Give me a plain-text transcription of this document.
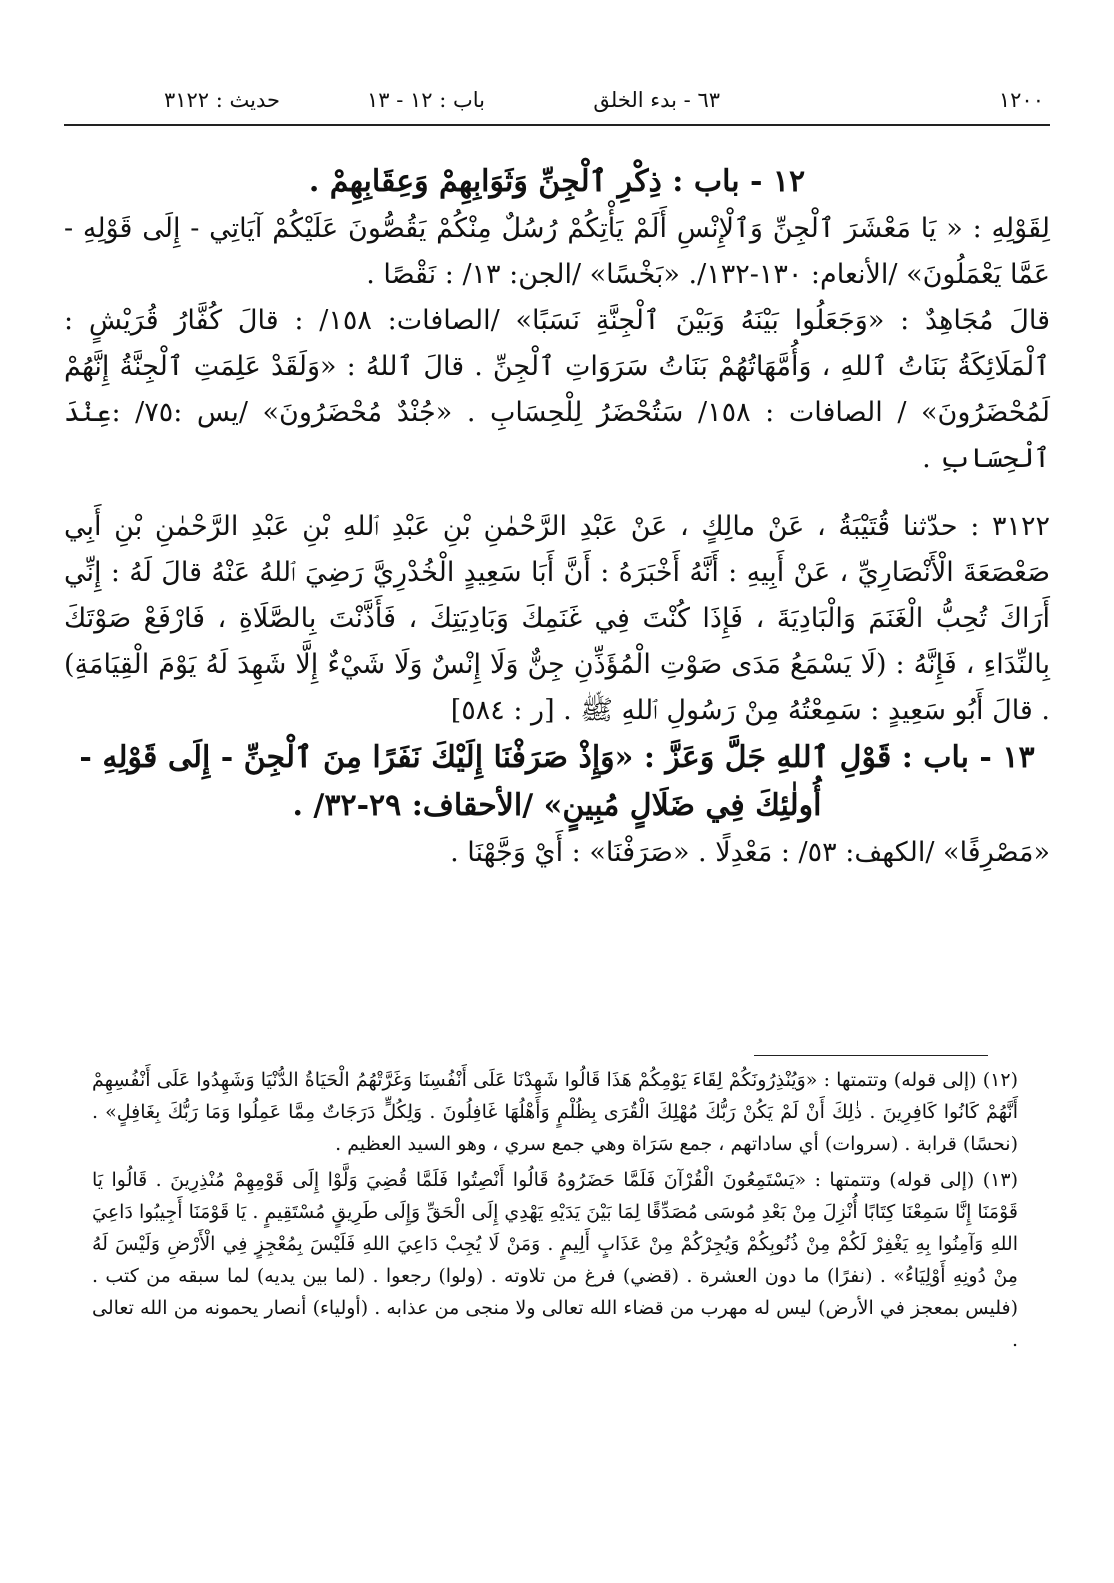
١٢٠٠
٦٣ - بدء الخلق
باب : ١٢ - ١٣
حديث : ٣١٢٢

١٢ - باب : ذِكْرِ ٱلْجِنِّ وَثَوَابِهِمْ وَعِقَابِهِمْ .

لِقَوْلِهِ : « يَا مَعْشَرَ ٱلْجِنِّ وَٱلْإِنْسِ أَلَمْ يَأْتِكُمْ رُسُلٌ مِنْكُمْ يَقُصُّونَ عَلَيْكُمْ آيَاتِي - إِلَى قَوْلِهِ - عَمَّا يَعْمَلُونَ» /الأنعام: ١٣٠-١٣٢/. «بَخْسًا» /الجن: ١٣/ : نَقْصًا .

قالَ مُجَاهِدٌ : «وَجَعَلُوا بَيْنَهُ وَبَيْنَ ٱلْجِنَّةِ نَسَبًا» /الصافات: ١٥٨/ : قالَ كُفَّارُ قُرَيْشٍ : ٱلْمَلَائِكَةُ بَنَاتُ ٱللهِ ، وَأُمَّهَاتُهُمْ بَنَاتُ سَرَوَاتِ ٱلْجِنِّ . قالَ ٱللهُ : «وَلَقَدْ عَلِمَتِ ٱلْجِنَّةُ إِنَّهُمْ لَمُحْضَرُونَ» / الصافات : ١٥٨/ سَتُحْضَرُ لِلْحِسَابِ . «جُنْدٌ مُحْضَرُونَ» /يس :٧٥/ :عِنْدَ ٱلْحِسَابِ .

٣١٢٢ : حدّثنا قُتَيْبَةُ ، عَنْ مالِكٍ ، عَنْ عَبْدِ الرَّحْمٰنِ بْنِ عَبْدِ ٱللهِ بْنِ عَبْدِ الرَّحْمٰنِ بْنِ أَبِي صَعْصَعَةَ الْأَنْصَارِيِّ ، عَنْ أَبِيهِ : أَنَّهُ أَخْبَرَهُ : أَنَّ أَبَا سَعِيدٍ الْخُدْرِيَّ رَضِيَ ٱللهُ عَنْهُ قالَ لَهُ : إِنِّي أَرَاكَ تُحِبُّ الْغَنَمَ وَالْبَادِيَةَ ، فَإِذَا كُنْتَ فِي غَنَمِكَ وَبَادِيَتِكَ ، فَأَذَّنْتَ بِالصَّلَاةِ ، فَارْفَعْ صَوْتَكَ بِالنِّدَاءِ ، فَإِنَّهُ : (لَا يَسْمَعُ مَدَى صَوْتِ الْمُؤَذِّنِ جِنٌّ وَلَا إِنْسٌ وَلَا شَيْءٌ إِلَّا شَهِدَ لَهُ يَوْمَ الْقِيَامَةِ) . قالَ أَبُو سَعِيدٍ : سَمِعْتُهُ مِنْ رَسُولِ ٱللهِ ﷺ . [ر : ٥٨٤]

١٣ - باب : قَوْلِ ٱللهِ جَلَّ وَعَزَّ : «وَإِذْ صَرَفْنَا إِلَيْكَ نَفَرًا مِنَ ٱلْجِنِّ - إِلَى قَوْلِهِ -

أُولٰئِكَ فِي ضَلَالٍ مُبِينٍ» /الأحقاف: ٢٩-٣٢/ .

«مَصْرِفًا» /الكهف: ٥٣/ : مَعْدِلًا . «صَرَفْنَا» : أَيْ وَجَّهْنَا .

(١٢) (إلى قوله) وتتمتها : «وَيُنْذِرُونَكُمْ لِقَاءَ يَوْمِكُمْ هَذَا قَالُوا شَهِدْنَا عَلَى أَنْفُسِنَا وَغَرَّتْهُمُ الْحَيَاةُ الدُّنْيَا وَشَهِدُوا عَلَى أَنْفُسِهِمْ أَنَّهُمْ كَانُوا كَافِرِينَ . ذٰلِكَ أَنْ لَمْ يَكُنْ رَبُّكَ مُهْلِكَ الْقُرَى بِظُلْمٍ وَأَهْلُهَا غَافِلُونَ . وَلِكُلٍّ دَرَجَاتٌ مِمَّا عَمِلُوا وَمَا رَبُّكَ بِغَافِلٍ» . (نحسًا) قرابة . (سروات) أي ساداتهم ، جمع سَرَاة وهي جمع سري ، وهو السيد العظيم .

(١٣) (إلى قوله) وتتمتها : «يَسْتَمِعُونَ الْقُرْآنَ فَلَمَّا حَضَرُوهُ قَالُوا أَنْصِتُوا فَلَمَّا قُضِيَ وَلَّوْا إِلَى قَوْمِهِمْ مُنْذِرِينَ . قَالُوا يَا قَوْمَنَا إِنَّا سَمِعْنَا كِتَابًا أُنْزِلَ مِنْ بَعْدِ مُوسَى مُصَدِّقًا لِمَا بَيْنَ يَدَيْهِ يَهْدِي إِلَى الْحَقِّ وَإِلَى طَرِيقٍ مُسْتَقِيمٍ . يَا قَوْمَنَا أَجِيبُوا دَاعِيَ اللهِ وَآمِنُوا بِهِ يَغْفِرْ لَكُمْ مِنْ ذُنُوبِكُمْ وَيُجِرْكُمْ مِنْ عَذَابٍ أَلِيمٍ . وَمَنْ لَا يُجِبْ دَاعِيَ اللهِ فَلَيْسَ بِمُعْجِزٍ فِي الْأَرْضِ وَلَيْسَ لَهُ مِنْ دُونِهِ أَوْلِيَاءُ» . (نفرًا) ما دون العشرة . (قضي) فرغ من تلاوته . (ولوا) رجعوا . (لما بين يديه) لما سبقه من كتب . (فليس بمعجز في الأرض) ليس له مهرب من قضاء الله تعالى ولا منجى من عذابه . (أولياء) أنصار يحمونه من الله تعالى .
